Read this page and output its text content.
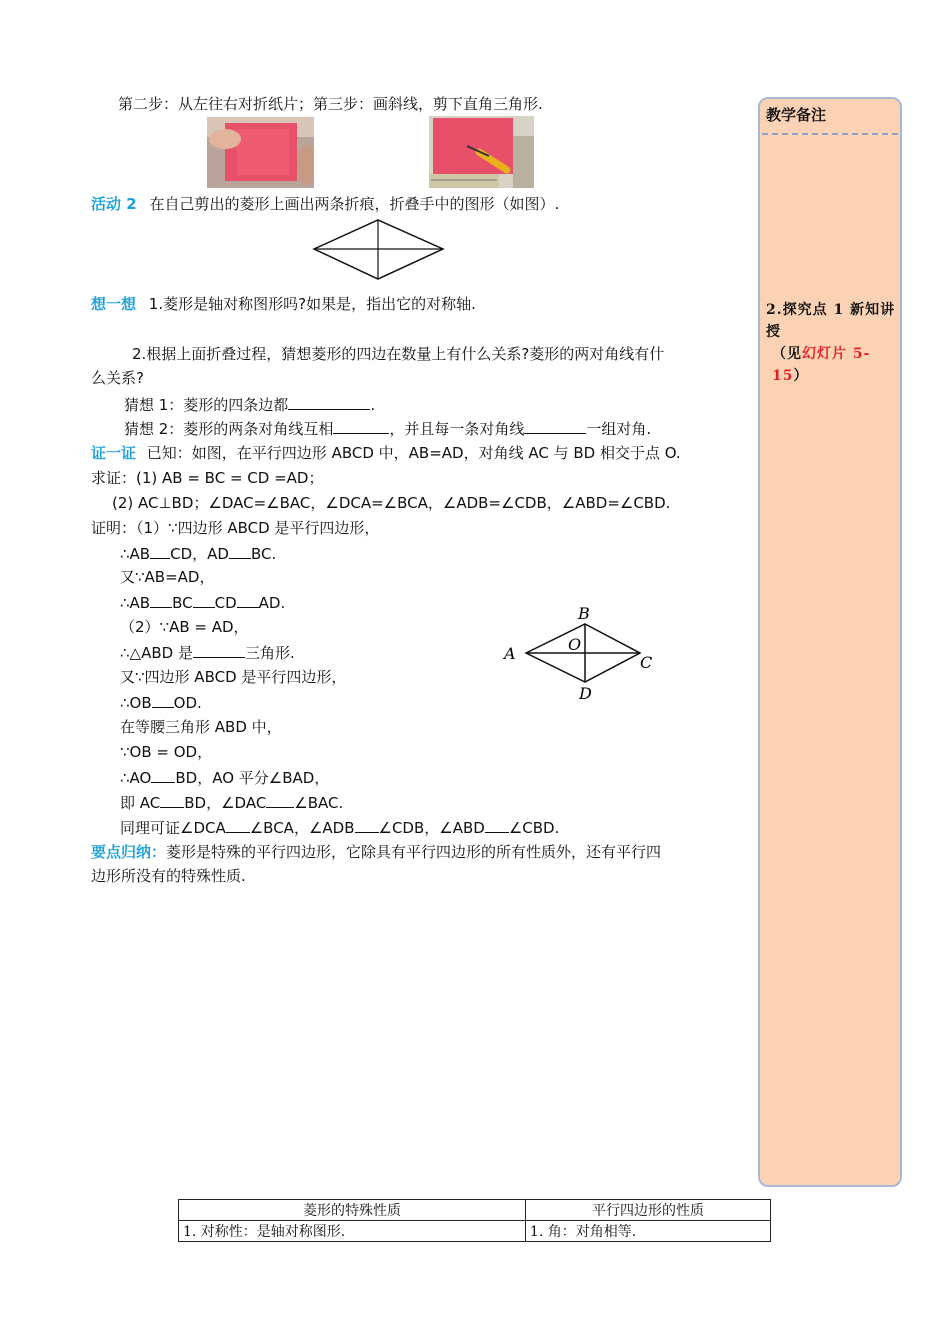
第二步：从左往右对折纸片；第三步：画斜线，剪下直角三角形.
活动 2 在自己剪出的菱形上画出两条折痕，折叠手中的图形（如图）.
想一想 1.菱形是轴对称图形吗?如果是，指出它的对称轴.
2.根据上面折叠过程，猜想菱形的四边在数量上有什么关系?菱形的两对角线有什
么关系?
猜想 1：菱形的四条边都	.
猜想 2：菱形的两条对角线互相	，并且每一条对角线	一组对角.
证一证 已知：如图，在平行四边形 ABCD 中，AB=AD，对角线 AC 与 BD 相交于点 O.
求证：(1) AB = BC = CD =AD；
(2) AC⊥BD；∠DAC=∠BAC，∠DCA=∠BCA，∠ADB=∠CDB，∠ABD=∠CBD.
证明：（1）∵四边形 ABCD 是平行四边形，
∴AB CD，AD BC.
又∵AB=AD，
∴AB BC CD AD.
（2）∵AB = AD，
∴△ABD 是	三角形.
又∵四边形 ABCD 是平行四边形，
∴OB OD.
在等腰三角形 ABD 中，
∵OB = OD，
∴AO BD，AO 平分∠BAD，
即 AC BD，∠DAC ∠BAC.
同理可证∠DCA ∠BCA，∠ADB ∠CDB，∠ABD ∠CBD.
A
B
C
D
O
要点归纳：菱形是特殊的平行四边形，它除具有平行四边形的所有性质外，还有平行四
边形所没有的特殊性质.
教学备注
2.探究点 1 新知讲授
（见幻灯片 5-15）
菱形的特殊性质	平行四边形的性质
1. 对称性：是轴对称图形.	1. 角：对角相等.
